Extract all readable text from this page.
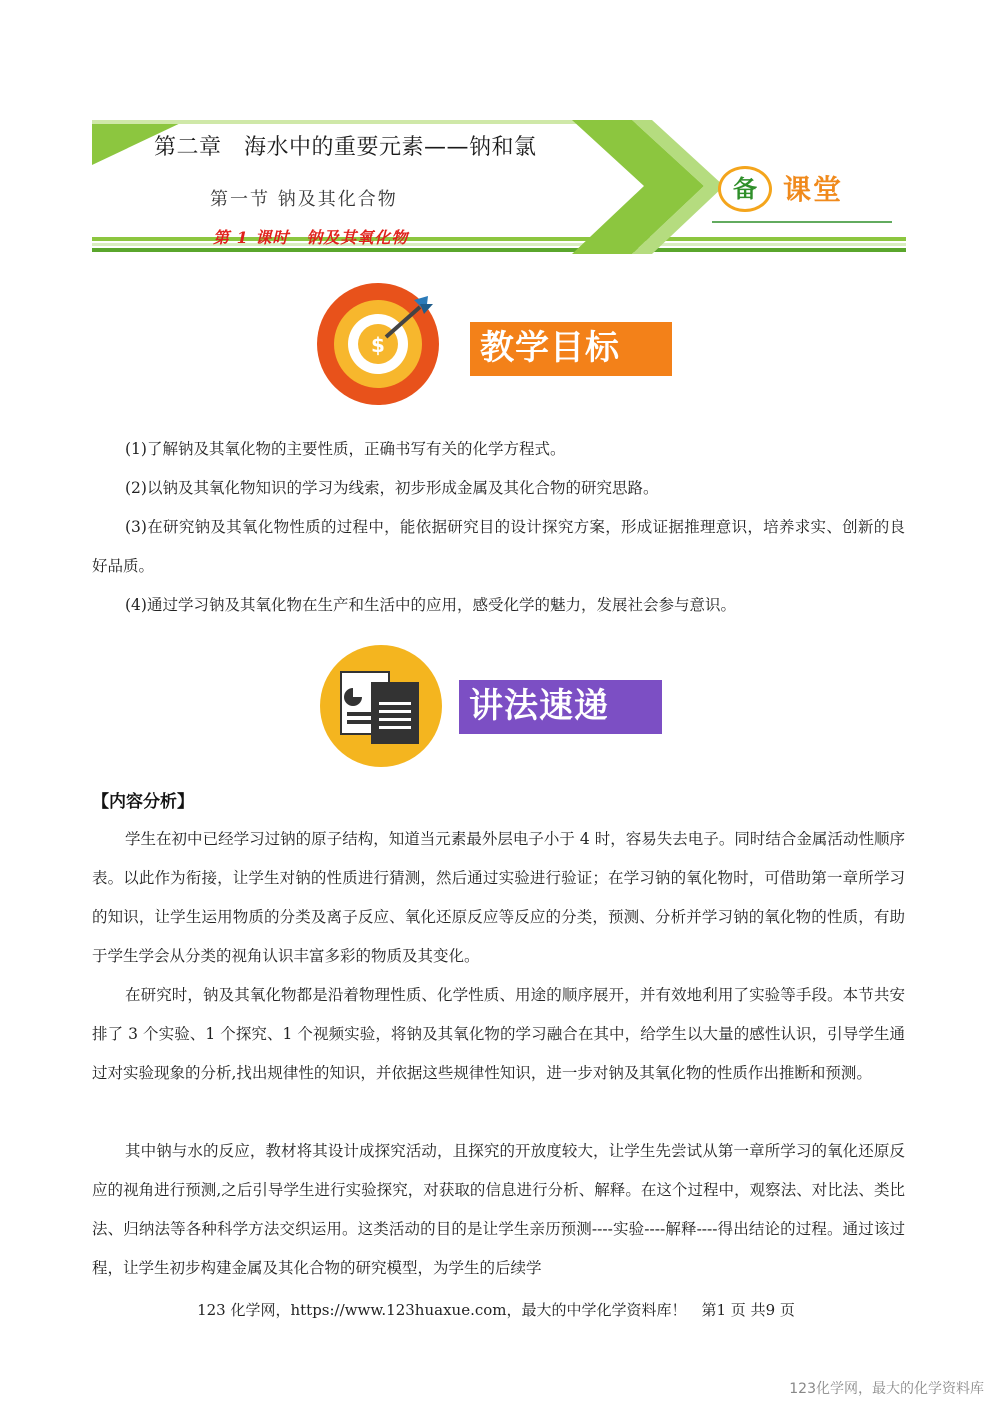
第二章　海水中的重要元素——钠和氯
第一节 钠及其化合物
第 1 课时　钠及其氧化物
备 课堂
$	教学目标
(1)了解钠及其氧化物的主要性质，正确书写有关的化学方程式。
(2)以钠及其氧化物知识的学习为线索，初步形成金属及其化合物的研究思路。
(3)在研究钠及其氧化物性质的过程中，能依据研究目的设计探究方案，形成证据推理意识，培养求实、创新的良好品质。
(4)通过学习钠及其氧化物在生产和生活中的应用，感受化学的魅力，发展社会参与意识。
讲法速递
【内容分析】
学生在初中已经学习过钠的原子结构，知道当元素最外层电子小于 4 时，容易失去电子。同时结合金属活动性顺序表。以此作为衔接，让学生对钠的性质进行猜测，然后通过实验进行验证；在学习钠的氧化物时，可借助第一章所学习的知识，让学生运用物质的分类及离子反应、氧化还原反应等反应的分类，预测、分析并学习钠的氧化物的性质，有助于学生学会从分类的视角认识丰富多彩的物质及其变化。
在研究时，钠及其氧化物都是沿着物理性质、化学性质、用途的顺序展开，并有效地利用了实验等手段。本节共安排了 3 个实验、1 个探究、1 个视频实验，将钠及其氧化物的学习融合在其中，给学生以大量的感性认识，引导学生通过对实验现象的分析,找出规律性的知识，并依据这些规律性知识，进一步对钠及其氧化物的性质作出推断和预测。
其中钠与水的反应，教材将其设计成探究活动，且探究的开放度较大，让学生先尝试从第一章所学习的氧化还原反应的视角进行预测,之后引导学生进行实验探究，对获取的信息进行分析、解释。在这个过程中，观察法、对比法、类比法、归纳法等各种科学方法交织运用。这类活动的目的是让学生亲历预测----实验----解释----得出结论的过程。通过该过程，让学生初步构建金属及其化合物的研究模型，为学生的后续学
123 化学网，https://www.123huaxue.com，最大的中学化学资料库！　第1 页 共9 页
123化学网，最大的化学资料库
